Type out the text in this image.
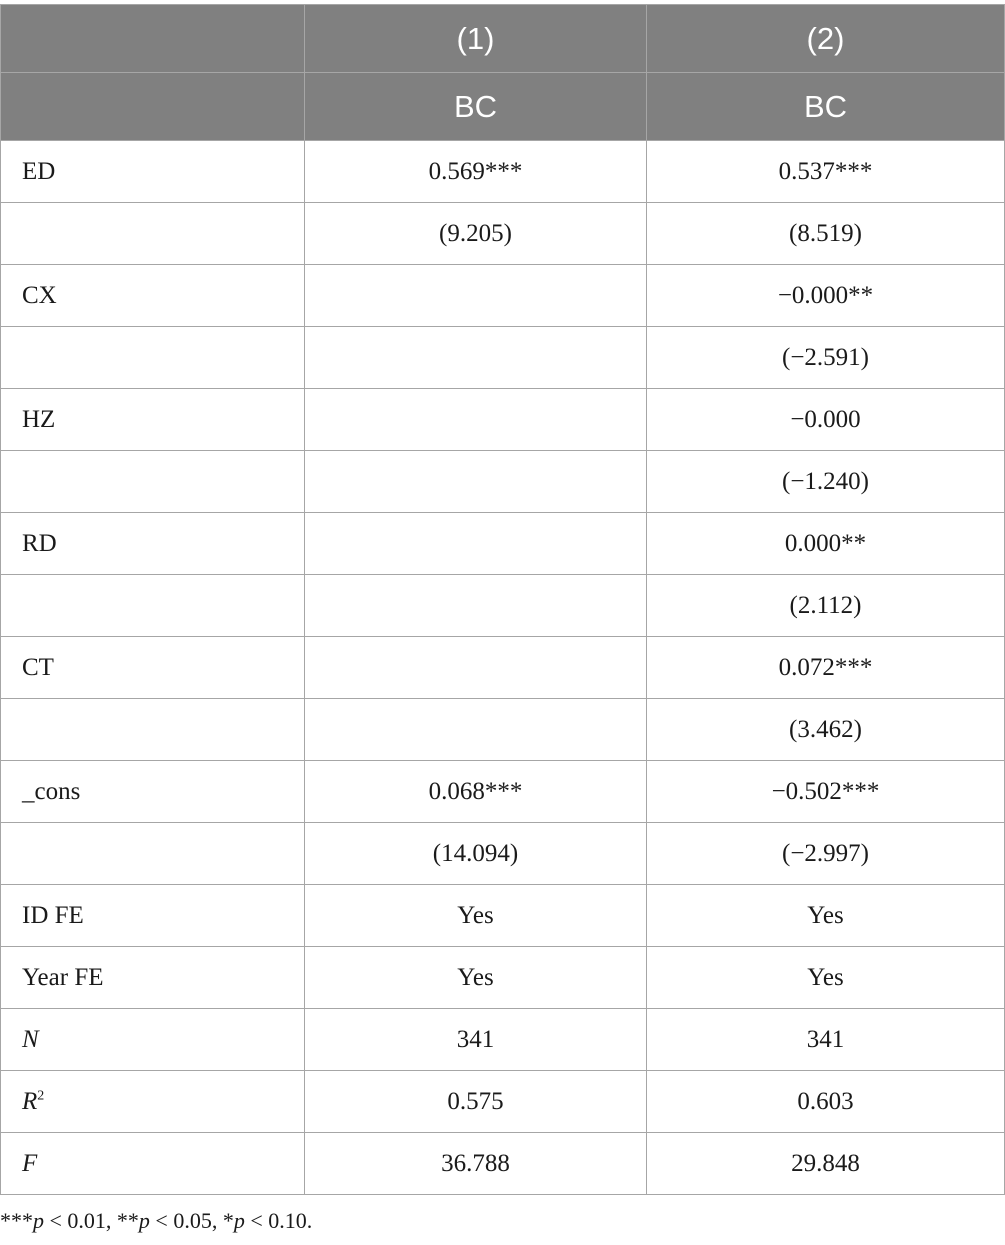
	(1)	(2)
	BC	BC
ED	0.569***	0.537***
	(9.205)	(8.519)
CX		−0.000**
		(−2.591)
HZ		−0.000
		(−1.240)
RD		0.000**
		(2.112)
CT		0.072***
		(3.462)
_cons	0.068***	−0.502***
	(14.094)	(−2.997)
ID FE	Yes	Yes
Year FE	Yes	Yes
N	341	341
$R^2$	0.575	0.603
F	36.788	29.848
***p < 0.01, **p < 0.05, *p < 0.10.
